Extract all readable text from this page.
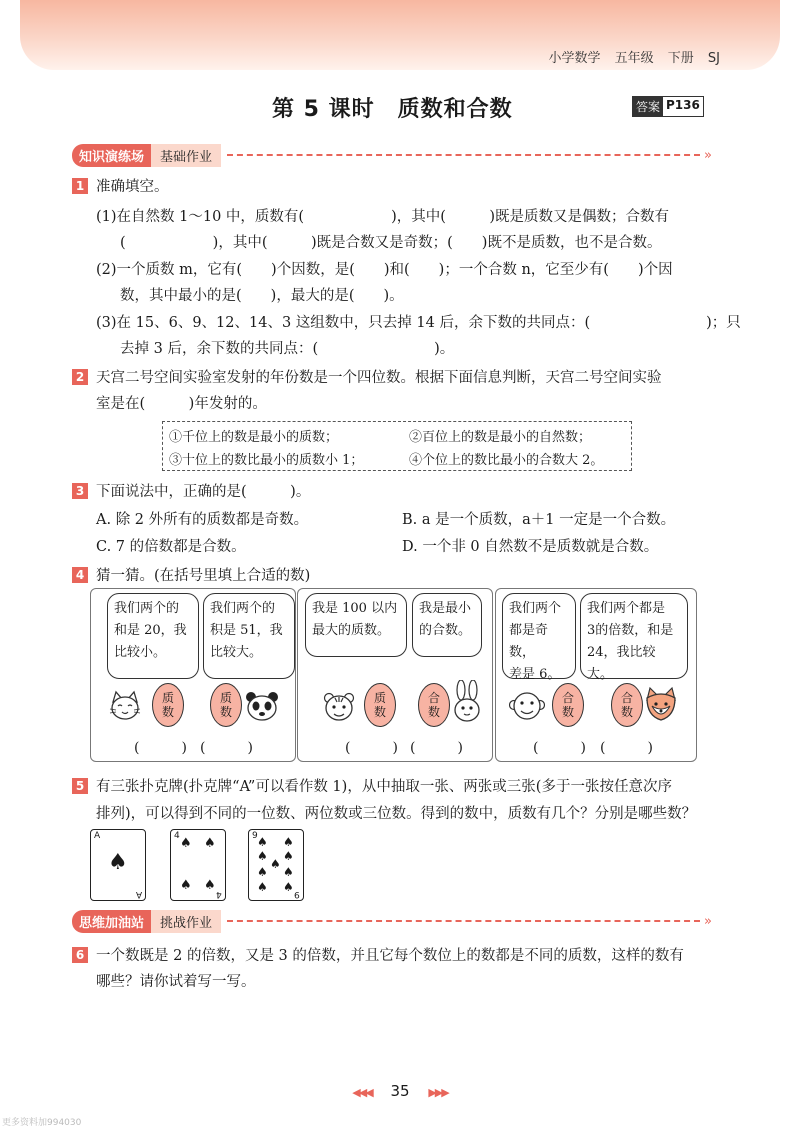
小学数学 五年级 下册 SJ
第 5 课时　质数和合数	答案 P136
知识演练场	基础作业	»
1 准确填空。
(1)在自然数 1～10 中，质数有(　　　　　　)，其中(　　　)既是质数又是偶数；合数有
(　　　　　　)，其中(　　　)既是合数又是奇数；(　　)既不是质数，也不是合数。
(2)一个质数 m，它有(　　)个因数，是(　　)和(　　)；一个合数 n，它至少有(　　)个因
数，其中最小的是(　　)，最大的是(　　)。
(3)在 15、6、9、12、14、3 这组数中，只去掉 14 后，余下数的共同点：(　　　　　　　　)；只
去掉 3 后，余下数的共同点：(　　　　　　　　)。
2 天宫二号空间实验室发射的年份数是一个四位数。根据下面信息判断，天宫二号空间实验
室是在(　　　)年发射的。
①千位上的数是最小的质数；	②百位上的数是最小的自然数；
③十位上的数比最小的质数小 1；	④个位上的数比最小的合数大 2。
3 下面说法中，正确的是(　　　)。
A. 除 2 外所有的质数都是奇数。	B. a 是一个质数，a＋1 一定是一个合数。
C. 7 的倍数都是合数。	D. 一个非 0 自然数不是质数就是合数。
4 猜一猜。(在括号里填上合适的数)
我们两个的
和是 20，我
比较小。
我们两个的
积是 51，我
比较大。
我是 100 以内
最大的质数。
我是最小
的合数。
我们两个
都是奇数，
差是 6。
我们两个都是
3的倍数，和是
24，我比较大。
质
数
质
数
质
数
合
数
合
数
合
数
(　　　) (　　　)	(　　　) (　　　)	(　　　) (　　　)
5 有三张扑克牌(扑克牌“A”可以看作数 1)，从中抽取一张、两张或三张(多于一张按任意次序
排列)，可以得到不同的一位数、两位数或三位数。得到的数中，质数有几个？分别是哪些数？
A
A
♠
4
4
♠ ♠
♠ ♠
9
9
♠ ♠
♠ ♠
♠
♠ ♠
♠ ♠
思维加油站	挑战作业	»
6 一个数既是 2 的倍数，又是 3 的倍数，并且它每个数位上的数都是不同的质数，这样的数有
哪些？请你试着写一写。
◀◀◀ 35 ▶▶▶
更多资料加994030
